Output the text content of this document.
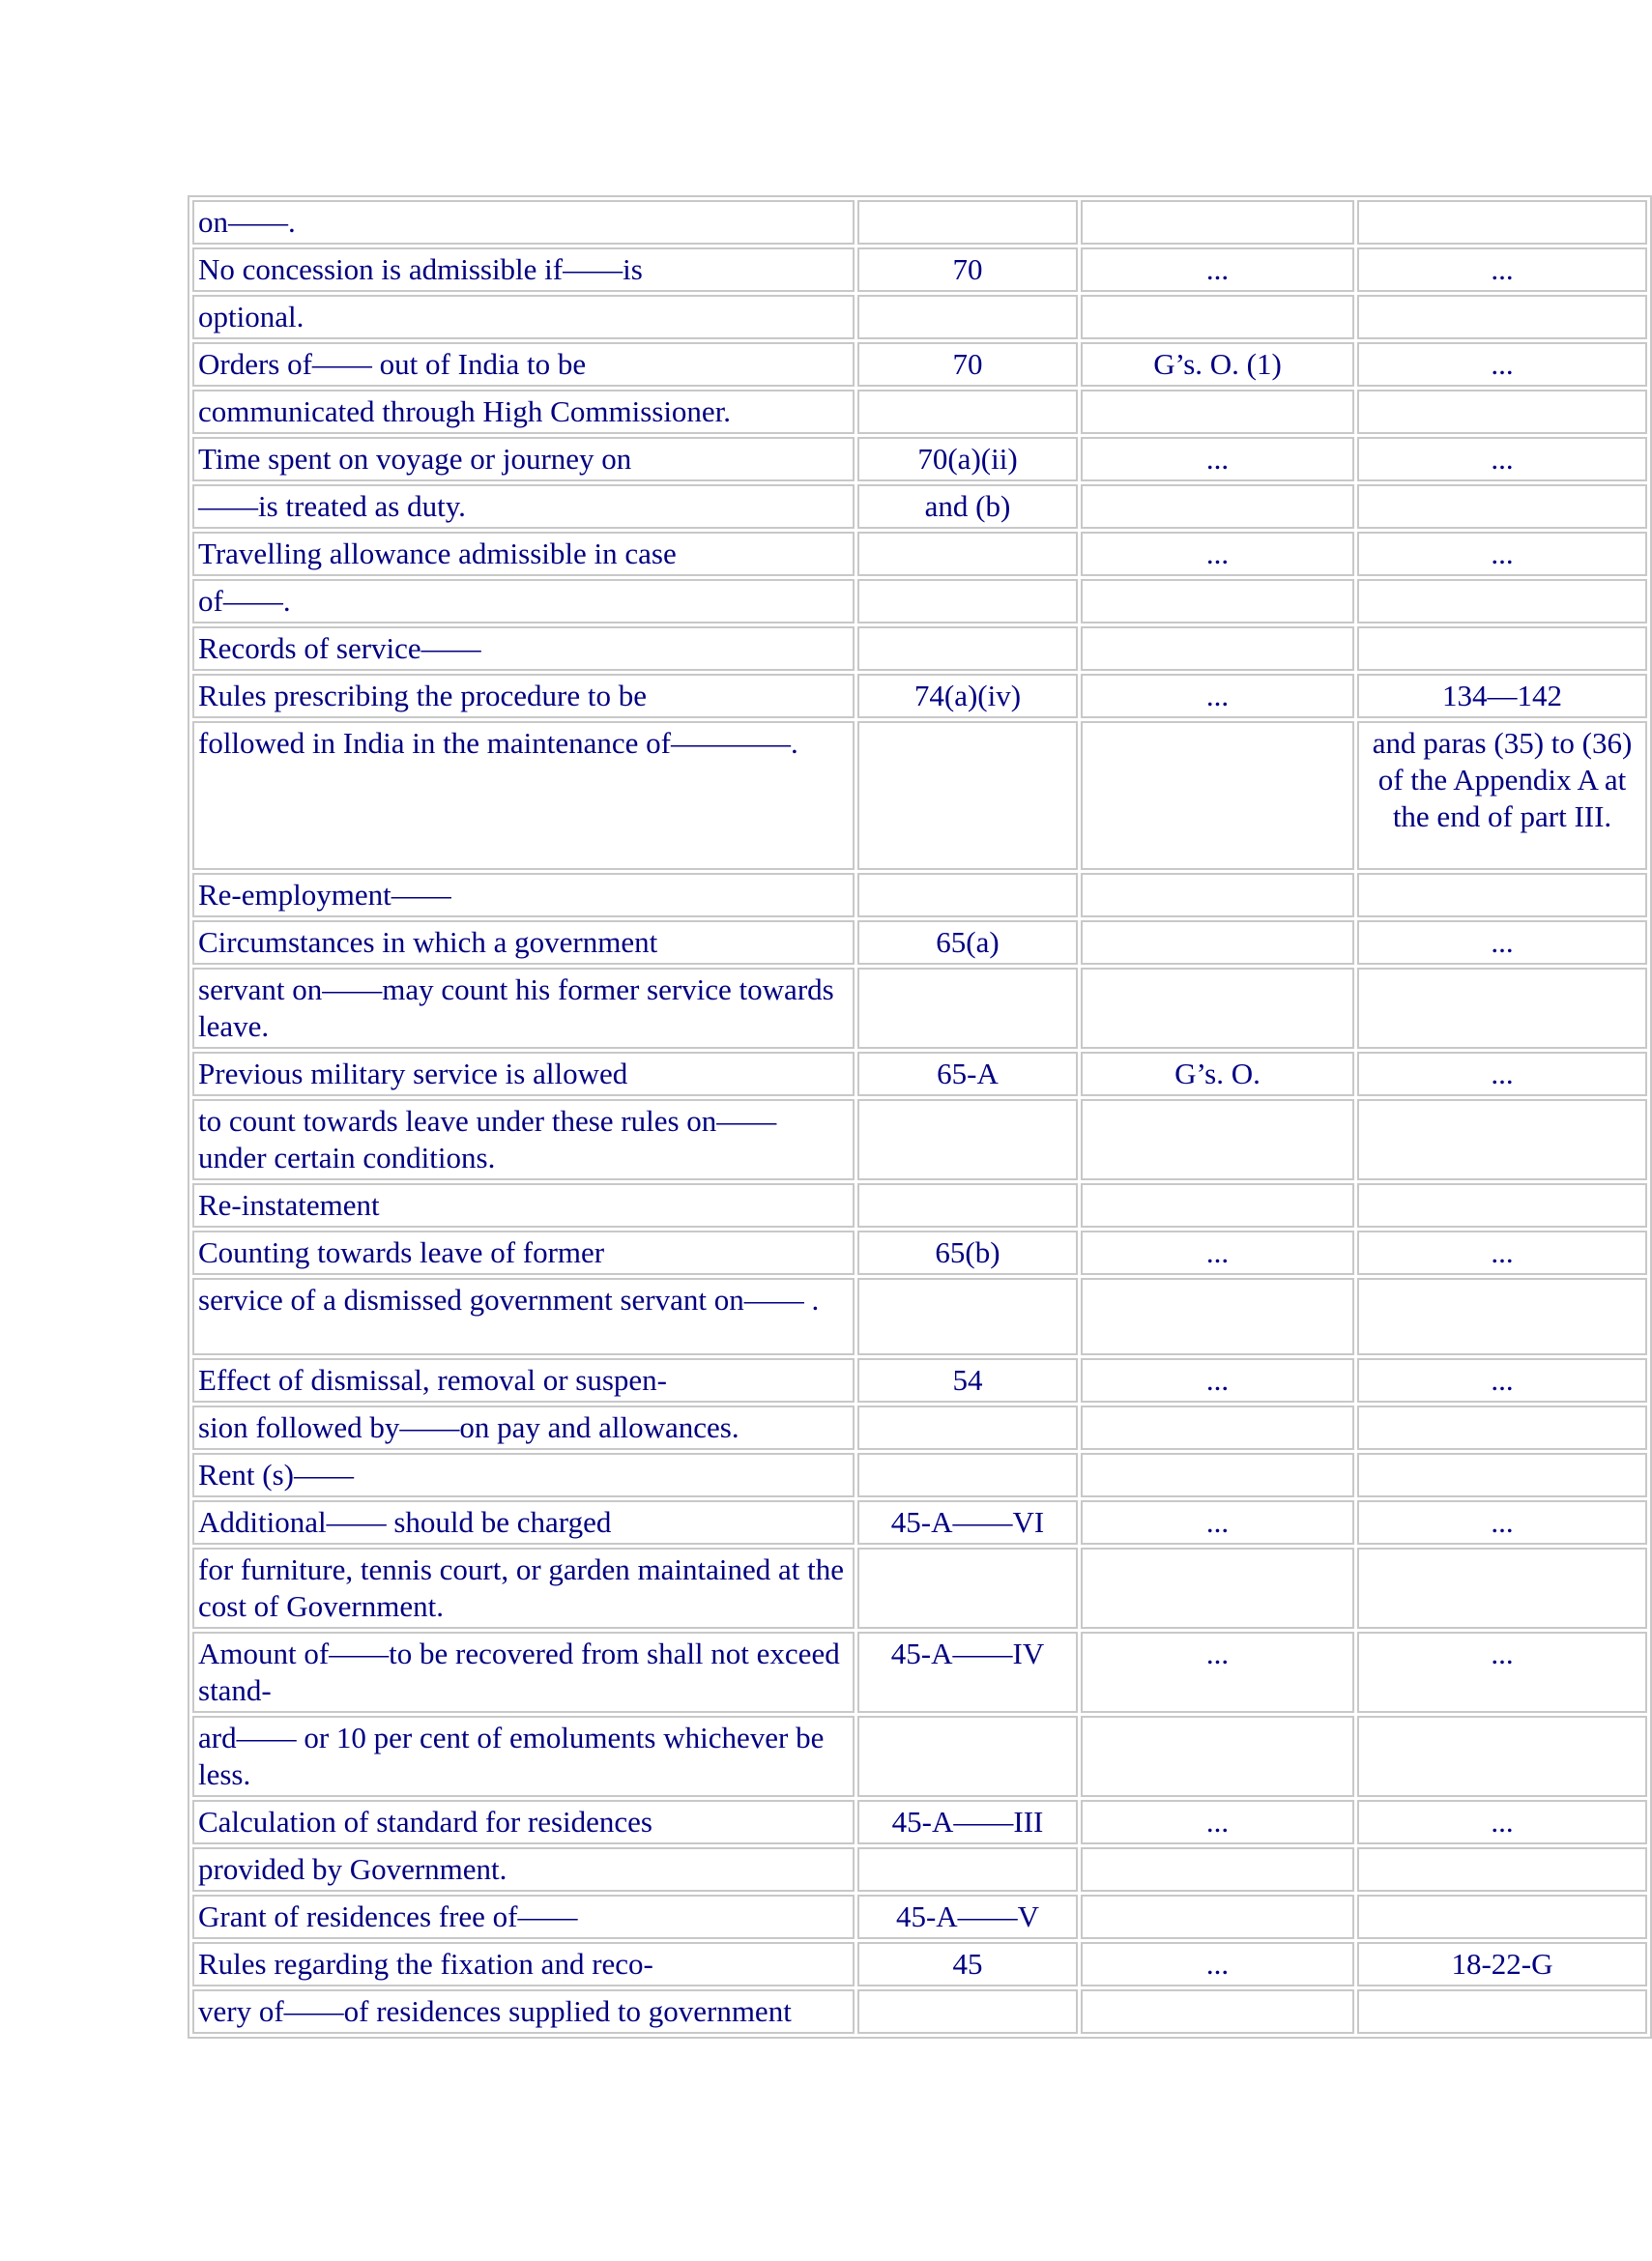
on——.			
No concession is admissible if——is	70	...	...
optional.			
Orders of—— out of India to be	70	G’s. O. (1)	...
communicated through High Commissioner.			
Time spent on voyage or journey on	70(a)(ii)	...	...
——is treated as duty.	and (b)		
Travelling allowance admissible in case		...	...
of——.			
Records of service——			
Rules prescribing the procedure to be	74(a)(iv)	...	134—142
followed in India in the maintenance of————.			and paras (35) to (36) of the Appendix A at the end of part III.
Re-employment——			
Circumstances in which a government	65(a)		...
servant on——may count his former service towards leave.			
Previous military service is allowed	65-A	G’s. O.	...
to count towards leave under these rules on—— under certain conditions.			
Re-instatement			
Counting towards leave of former	65(b)	...	...
service of a dismissed government servant on—— .			
Effect of dismissal, removal or suspen-	54	...	...
sion followed by——on pay and allowances.			
Rent (s)——			
Additional—— should be charged	45-A——VI	...	...
for furniture, tennis court, or garden maintained at the cost of Government.			
Amount of——to be recovered from shall not exceed stand-	45-A——IV	...	...
ard—— or 10 per cent of emoluments whichever be less.			
Calculation of standard for residences	45-A——III	...	...
provided by Government.			
Grant of residences free of——	45-A——V		
Rules regarding the fixation and reco-	45	...	18-22-G
very of——of residences supplied to government			
